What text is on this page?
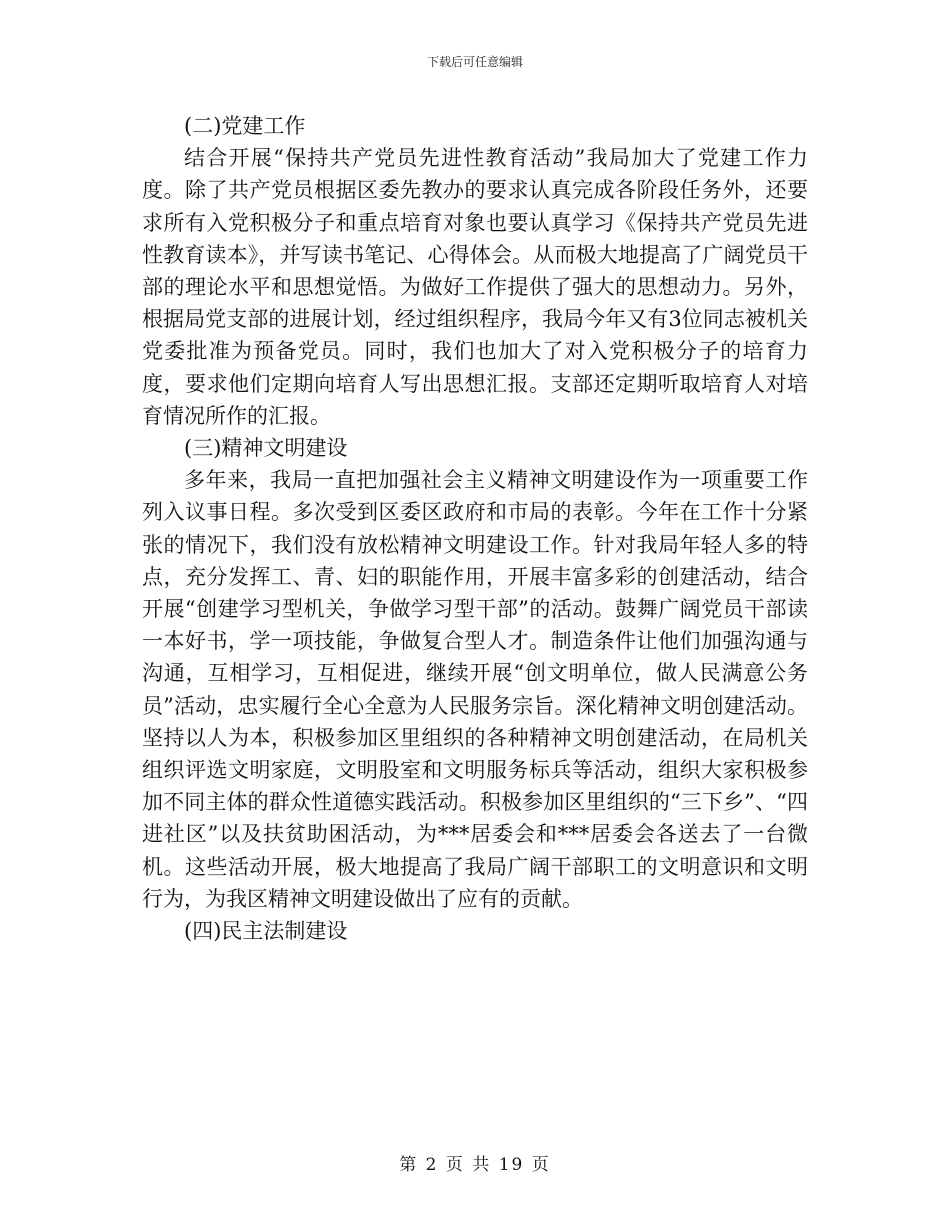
下载后可任意编辑

(二)党建工作

结合开展“保持共产党员先进性教育活动”我局加大了党建工作力度。除了共产党员根据区委先教办的要求认真完成各阶段任务外，还要求所有入党积极分子和重点培育对象也要认真学习《保持共产党员先进性教育读本》，并写读书笔记、心得体会。从而极大地提高了广阔党员干部的理论水平和思想觉悟。为做好工作提供了强大的思想动力。另外，根据局党支部的进展计划，经过组织程序，我局今年又有3位同志被机关党委批准为预备党员。同时，我们也加大了对入党积极分子的培育力度，要求他们定期向培育人写出思想汇报。支部还定期听取培育人对培育情况所作的汇报。

(三)精神文明建设

多年来，我局一直把加强社会主义精神文明建设作为一项重要工作列入议事日程。多次受到区委区政府和市局的表彰。今年在工作十分紧张的情况下，我们没有放松精神文明建设工作。针对我局年轻人多的特点，充分发挥工、青、妇的职能作用，开展丰富多彩的创建活动，结合开展“创建学习型机关，争做学习型干部”的活动。鼓舞广阔党员干部读一本好书，学一项技能，争做复合型人才。制造条件让他们加强沟通与沟通，互相学习，互相促进，继续开展“创文明单位，做人民满意公务员”活动，忠实履行全心全意为人民服务宗旨。深化精神文明创建活动。坚持以人为本，积极参加区里组织的各种精神文明创建活动，在局机关组织评选文明家庭，文明股室和文明服务标兵等活动，组织大家积极参加不同主体的群众性道德实践活动。积极参加区里组织的“三下乡”、“四进社区”以及扶贫助困活动，为***居委会和***居委会各送去了一台微机。这些活动开展，极大地提高了我局广阔干部职工的文明意识和文明行为，为我区精神文明建设做出了应有的贡献。

(四)民主法制建设

第 2 页 共 19 页
